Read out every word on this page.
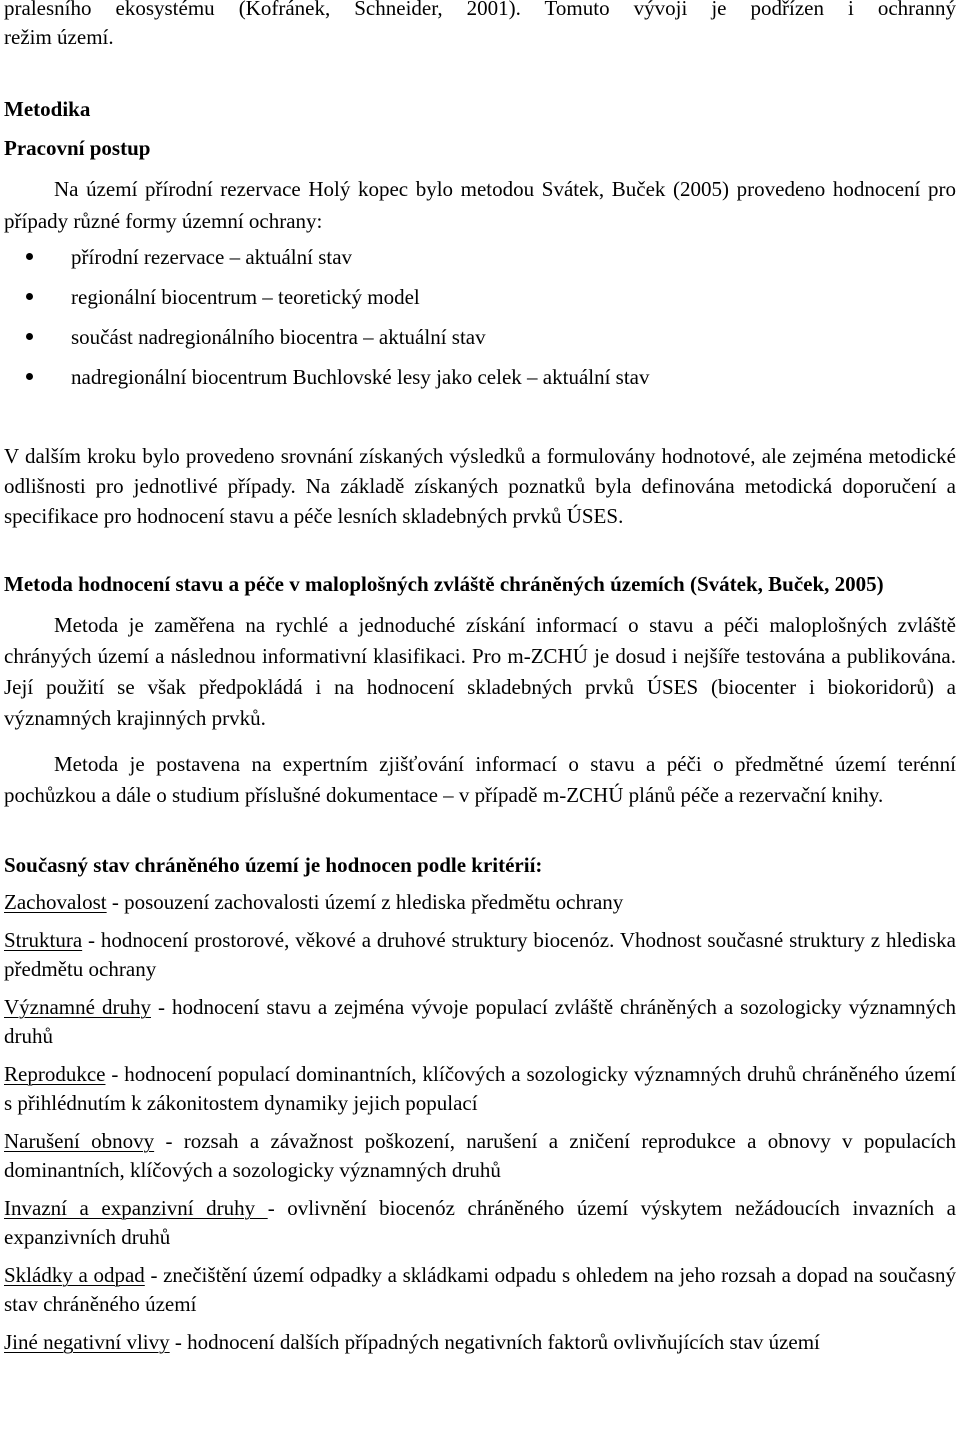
pralesního ekosystému (Kofránek, Schneider, 2001). Tomuto vývoji je podřízen i ochranný

režim území.

Metodika

Pracovní postup

Na území přírodní rezervace Holý kopec bylo metodou Svátek, Buček (2005) provedeno hodnocení pro případy různé formy územní ochrany:

přírodní rezervace – aktuální stav
regionální biocentrum – teoretický model
součást nadregionálního biocentra – aktuální stav
nadregionální biocentrum Buchlovské lesy jako celek – aktuální stav

V dalším kroku bylo provedeno srovnání získaných výsledků a formulovány hodnotové, ale zejména metodické odlišnosti pro jednotlivé případy. Na základě získaných poznatků byla definována metodická doporučení a specifikace pro hodnocení stavu a péče lesních skladebných prvků ÚSES.

Metoda hodnocení stavu a péče v maloplošných zvláště chráněných územích (Svátek, Buček, 2005)

Metoda je zaměřena na rychlé a jednoduché získání informací o stavu a péči maloplošných zvláště chrányých území a následnou informativní klasifikaci. Pro m-ZCHÚ je dosud i nejšíře testována a publikována. Její použití se však předpokládá i na hodnocení skladebných prvků ÚSES (biocenter i biokoridorů) a významných krajinných prvků.

Metoda je postavena na expertním zjišťování informací o stavu a péči o předmětné území terénní pochůzkou a dále o studium příslušné dokumentace – v případě m-ZCHÚ plánů péče a rezervační knihy.

Současný stav chráněného území je hodnocen podle kritérií:

Zachovalost - posouzení zachovalosti území z hlediska předmětu ochrany

Struktura - hodnocení prostorové, věkové a druhové struktury biocenóz. Vhodnost současné struktury z hlediska předmětu ochrany

Významné druhy - hodnocení stavu a zejména vývoje populací zvláště chráněných a sozologicky významných druhů

Reprodukce - hodnocení populací dominantních, klíčových a sozologicky významných druhů chráněného území s přihlédnutím k zákonitostem dynamiky jejich populací

Narušení obnovy - rozsah a závažnost poškození, narušení a zničení reprodukce a obnovy v populacích dominantních, klíčových a sozologicky významných druhů

Invazní a expanzivní druhy - ovlivnění biocenóz chráněného území výskytem nežádoucích invazních a expanzivních druhů

Skládky a odpad - znečištění území odpadky a skládkami odpadu s ohledem na jeho rozsah a dopad na současný stav chráněného území

Jiné negativní vlivy - hodnocení dalších případných negativních faktorů ovlivňujících stav území
